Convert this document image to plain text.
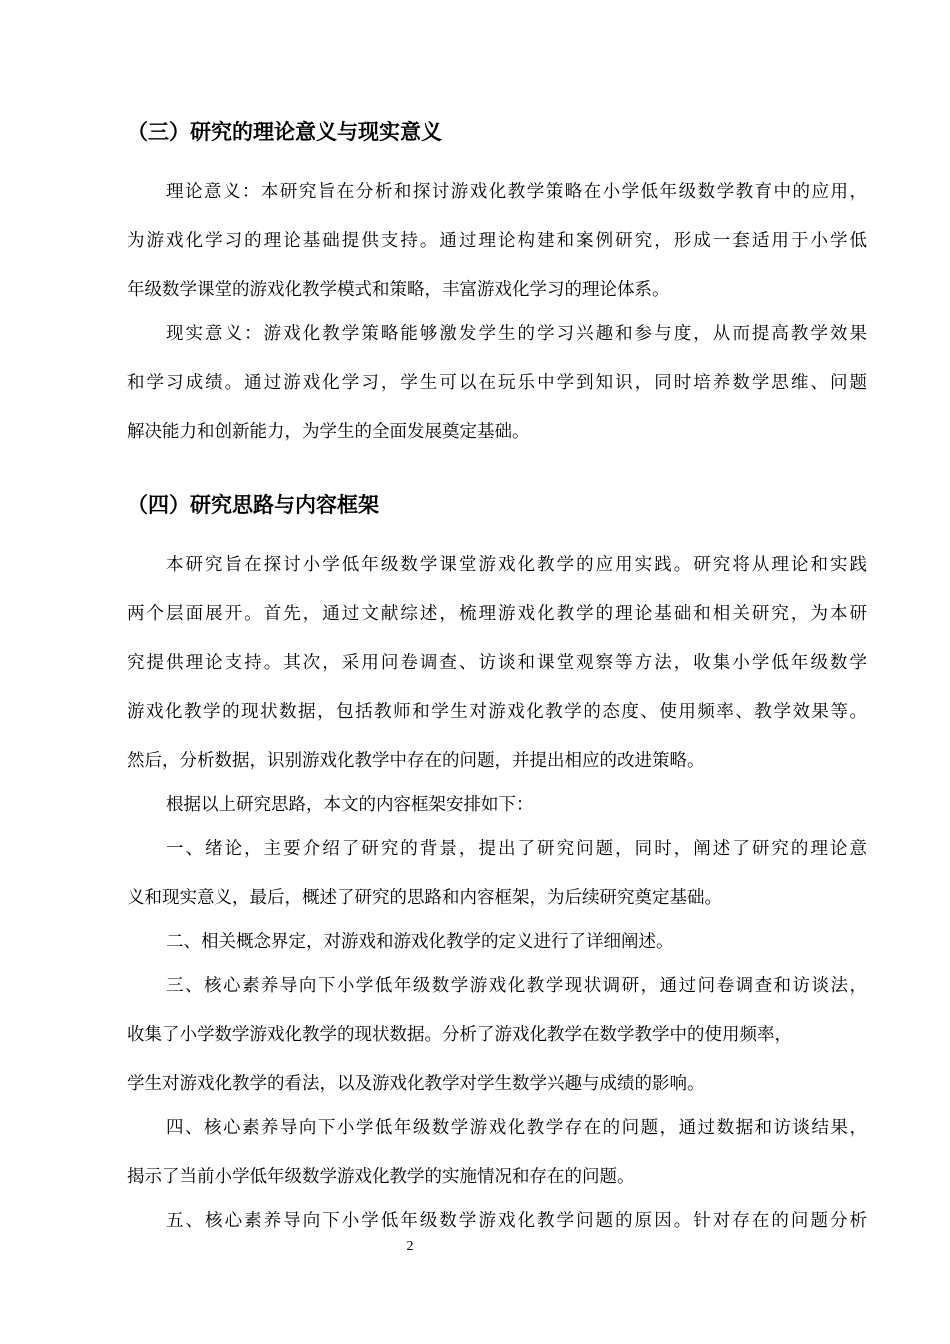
（三）研究的理论意义与现实意义

理论意义：本研究旨在分析和探讨游戏化教学策略在小学低年级数学教育中的应用，

为游戏化学习的理论基础提供支持。通过理论构建和案例研究，形成一套适用于小学低

年级数学课堂的游戏化教学模式和策略，丰富游戏化学习的理论体系。

现实意义：游戏化教学策略能够激发学生的学习兴趣和参与度，从而提高教学效果

和学习成绩。通过游戏化学习，学生可以在玩乐中学到知识，同时培养数学思维、问题

解决能力和创新能力，为学生的全面发展奠定基础。

（四）研究思路与内容框架

本研究旨在探讨小学低年级数学课堂游戏化教学的应用实践。研究将从理论和实践

两个层面展开。首先，通过文献综述，梳理游戏化教学的理论基础和相关研究，为本研

究提供理论支持。其次，采用问卷调查、访谈和课堂观察等方法，收集小学低年级数学

游戏化教学的现状数据，包括教师和学生对游戏化教学的态度、使用频率、教学效果等。

然后，分析数据，识别游戏化教学中存在的问题，并提出相应的改进策略。

根据以上研究思路，本文的内容框架安排如下：

一、绪论，主要介绍了研究的背景，提出了研究问题，同时，阐述了研究的理论意

义和现实意义，最后，概述了研究的思路和内容框架，为后续研究奠定基础。

二、相关概念界定，对游戏和游戏化教学的定义进行了详细阐述。

三、核心素养导向下小学低年级数学游戏化教学现状调研，通过问卷调查和访谈法，

收集了小学数学游戏化教学的现状数据。分析了游戏化教学在数学教学中的使用频率，

学生对游戏化教学的看法，以及游戏化教学对学生数学兴趣与成绩的影响。

四、核心素养导向下小学低年级数学游戏化教学存在的问题，通过数据和访谈结果，

揭示了当前小学低年级数学游戏化教学的实施情况和存在的问题。

五、核心素养导向下小学低年级数学游戏化教学问题的原因。针对存在的问题分析

2
